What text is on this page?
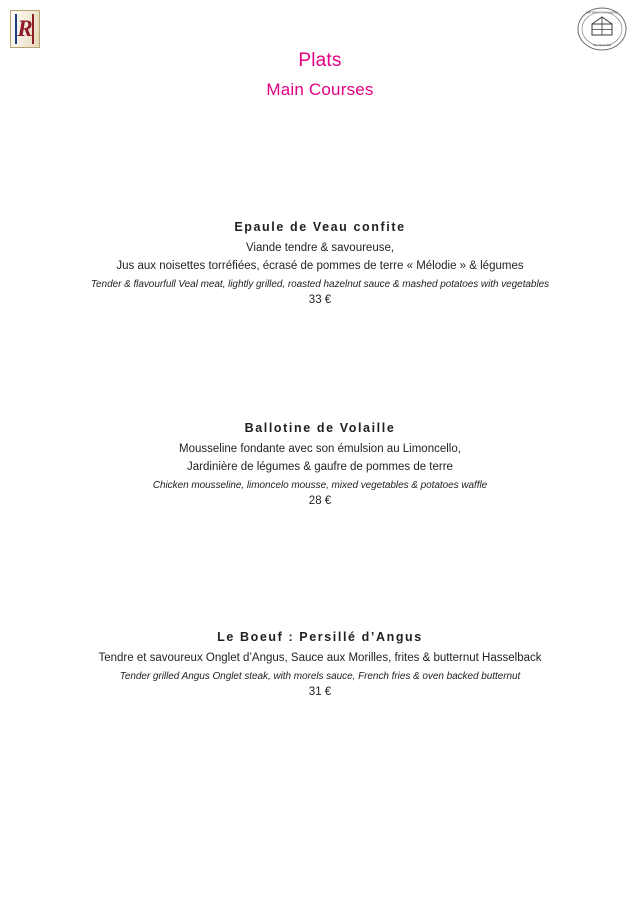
R
MAITRES CUISINIERS
DE FRANCE
Plats
Main Courses
Epaule de Veau confite
Viande tendre & savoureuse,
Jus aux noisettes torréfiées, écrasé de pommes de terre « Mélodie » & légumes
Tender & flavourfull Veal meat, lightly grilled, roasted hazelnut sauce & mashed potatoes with vegetables
33 €
Ballotine de Volaille
Mousseline fondante avec son émulsion au Limoncello,
Jardinière de légumes & gaufre de pommes de terre
Chicken mousseline, limoncelo mousse, mixed vegetables & potatoes waffle
28 €
Le Boeuf : Persillé d’Angus
Tendre et savoureux Onglet d’Angus, Sauce aux Morilles, frites & butternut Hasselback
Tender grilled Angus Onglet steak, with morels sauce, French fries & oven backed butternut
31 €
